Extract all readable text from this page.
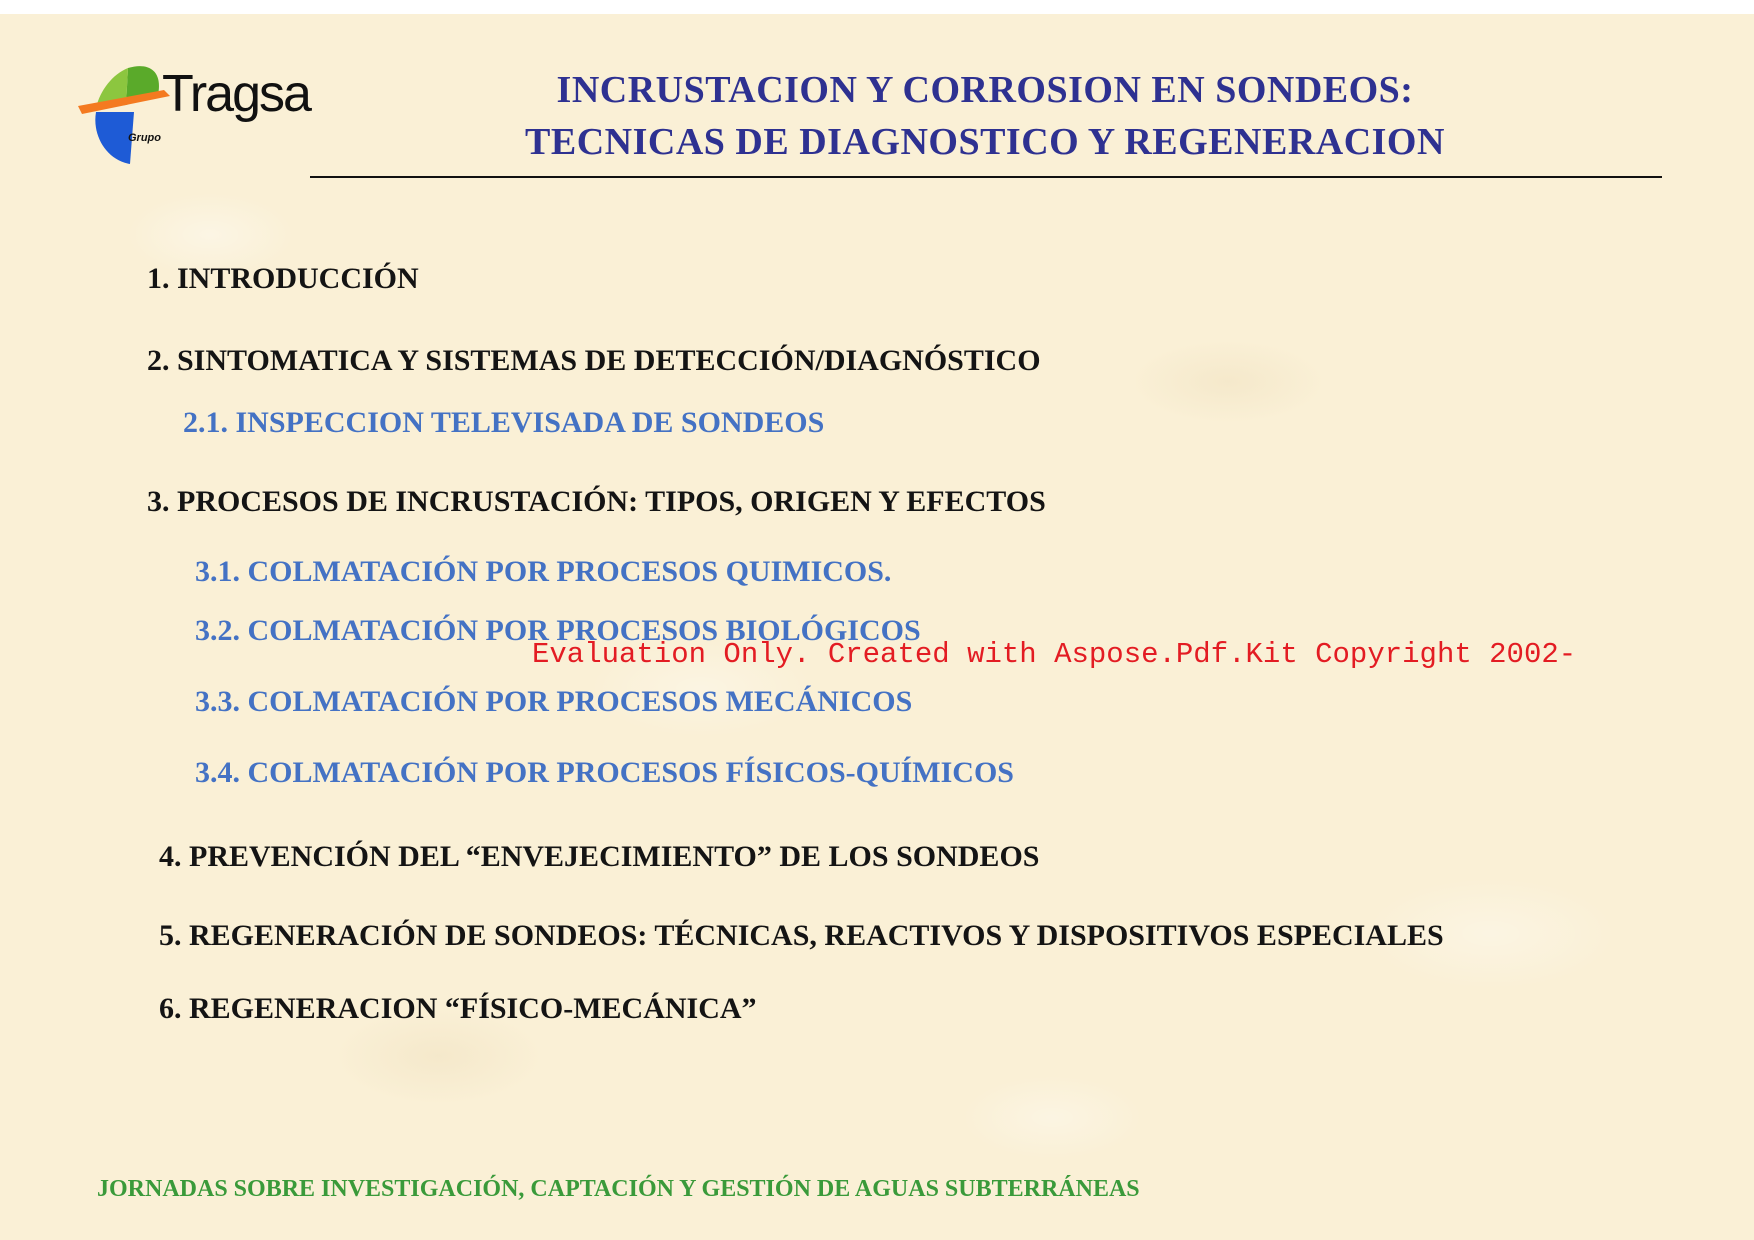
Tragsa
Grupo
INCRUSTACION Y CORROSION EN SONDEOS:
TECNICAS DE DIAGNOSTICO Y REGENERACION
1. INTRODUCCIÓN
2. SINTOMATICA Y SISTEMAS DE DETECCIÓN/DIAGNÓSTICO
2.1. INSPECCION TELEVISADA DE SONDEOS
3. PROCESOS DE INCRUSTACIÓN: TIPOS, ORIGEN Y EFECTOS
3.1. COLMATACIÓN POR PROCESOS QUIMICOS.
3.2. COLMATACIÓN POR PROCESOS BIOLÓGICOS
3.3. COLMATACIÓN POR PROCESOS MECÁNICOS
3.4. COLMATACIÓN POR PROCESOS FÍSICOS-QUÍMICOS
4. PREVENCIÓN DEL “ENVEJECIMIENTO” DE LOS SONDEOS
5. REGENERACIÓN DE SONDEOS: TÉCNICAS, REACTIVOS Y DISPOSITIVOS ESPECIALES
6. REGENERACION “FÍSICO-MECÁNICA”
Evaluation Only. Created with Aspose.Pdf.Kit Copyright 2002-
JORNADAS SOBRE INVESTIGACIÓN, CAPTACIÓN Y GESTIÓN DE AGUAS SUBTERRÁNEAS
